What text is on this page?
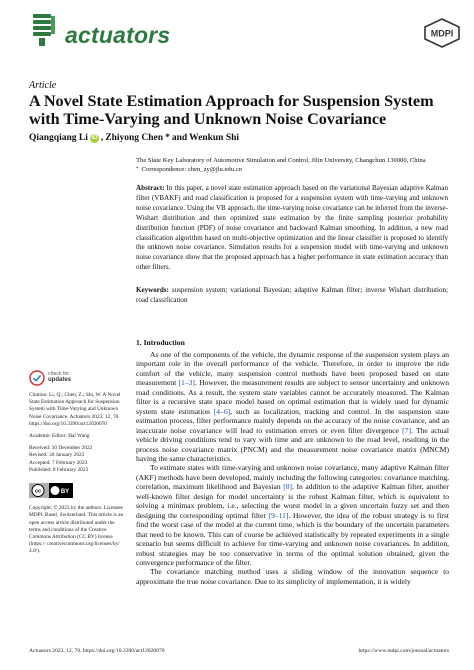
actuators	MDPI
Article
A Novel State Estimation Approach for Suspension System with Time-Varying and Unknown Noise Covariance
Qiangqiang Li iD , Zhiyong Chen * and Wenkun Shi
The State Key Laboratory of Automotive Simulation and Control, Jilin University, Changchun 130000, China
* Correspondence: chen_zy@jlu.edu.cn
Abstract: In this paper, a novel state estimation approach based on the variational Bayesian adaptive Kalman filter (VBAKF) and road classification is proposed for a suspension system with time-varying and unknown noise covariance. Using the VB approach, the time-varying noise covariance can be inferred from the inverse-Wishart distribution and then optimized state estimation by the finite sampling posterior probability distribution function (PDF) of noise covariance and backward Kalman smoothing. In addition, a new road classification algorithm based on multi-objective optimization and the linear classifier is proposed to identify the unknown noise covariance. Simulation results for a suspension model with time-varying and unknown noise covariance show that the proposed approach has a higher performance in state estimation accuracy than other filters.
Keywords: suspension system; variational Bayesian; adaptive Kalman filter; inverse Wishart distribution; road classification
check for
updates
Citation: Li, Q.; Chen, Z.; Shi, W. A Novel State Estimation Approach for Suspension System with Time-Varying and Unknown Noise Covariance. Actuators 2023, 12, 70. https://doi.org/10.3390/act12020070
Academic Editor: Hai Wang
Received: 30 December 2022
Revised: 30 January 2023
Accepted: 7 February 2023
Published: 8 February 2023
cc	BY
Copyright: © 2023 by the authors. Licensee MDPI, Basel, Switzerland. This article is an open access article distributed under the terms and conditions of the Creative Commons Attribution (CC BY) license (https:// creativecommons.org/licenses/by/ 4.0/).
1. Introduction

As one of the components of the vehicle, the dynamic response of the suspension system plays an important role in the overall performance of the vehicle. Therefore, in order to improve the ride comfort of the vehicle, many suspension control methods have been proposed based on state measurement [1–3]. However, the measurement results are subject to sensor uncertainty and unknown road conditions. As a result, the system state variables cannot be accurately measured. The Kalman filter is a recursive state space model based on optimal estimation that is widely used for dynamic system state estimation [4–6], such as localization, tracking and control. In the suspension state estimation process, filter performance mainly depends on the accuracy of the noise covariance, and an inaccurate noise covariance will lead to estimation errors or even filter divergence [7]. The actual vehicle driving conditions tend to vary with time and are unknown to the road level, resulting in the process noise covariance matrix (PNCM) and the measurement noise covariance matrix (MNCM) having the same characteristics.

To estimate states with time-varying and unknown noise covariance, many adaptive Kalman filter (AKF) methods have been developed, mainly including the following categories: covariance matching, correlation, maximum likelihood and Bayesian [8]. In addition to the adaptive Kalman filter, another well-known filter design for model uncertainty is the robust Kalman filter, which is equivalent to solving a minimax problem, i.e., selecting the worst model in a given uncertain fuzzy set and then designing the corresponding optimal filter [9–11]. However, the idea of the robust strategy is to first find the worst case of the model at the current time, which is the boundary of the uncertain parameters that need to be known. This can of course be achieved statistically by repeated experiments in a single scenario but seems difficult to achieve for time-varying and unknown noise covariances. In addition, robust strategies may be too conservative in terms of the optimal solution obtained, given the convergence performance of the filter.

The covariance matching method uses a sliding window of the innovation sequence to approximate the true noise covariance. Due to its simplicity of implementation, it is widely

Actuators 2023, 12, 70. https://doi.org/10.3390/act12020070	https://www.mdpi.com/journal/actuators
